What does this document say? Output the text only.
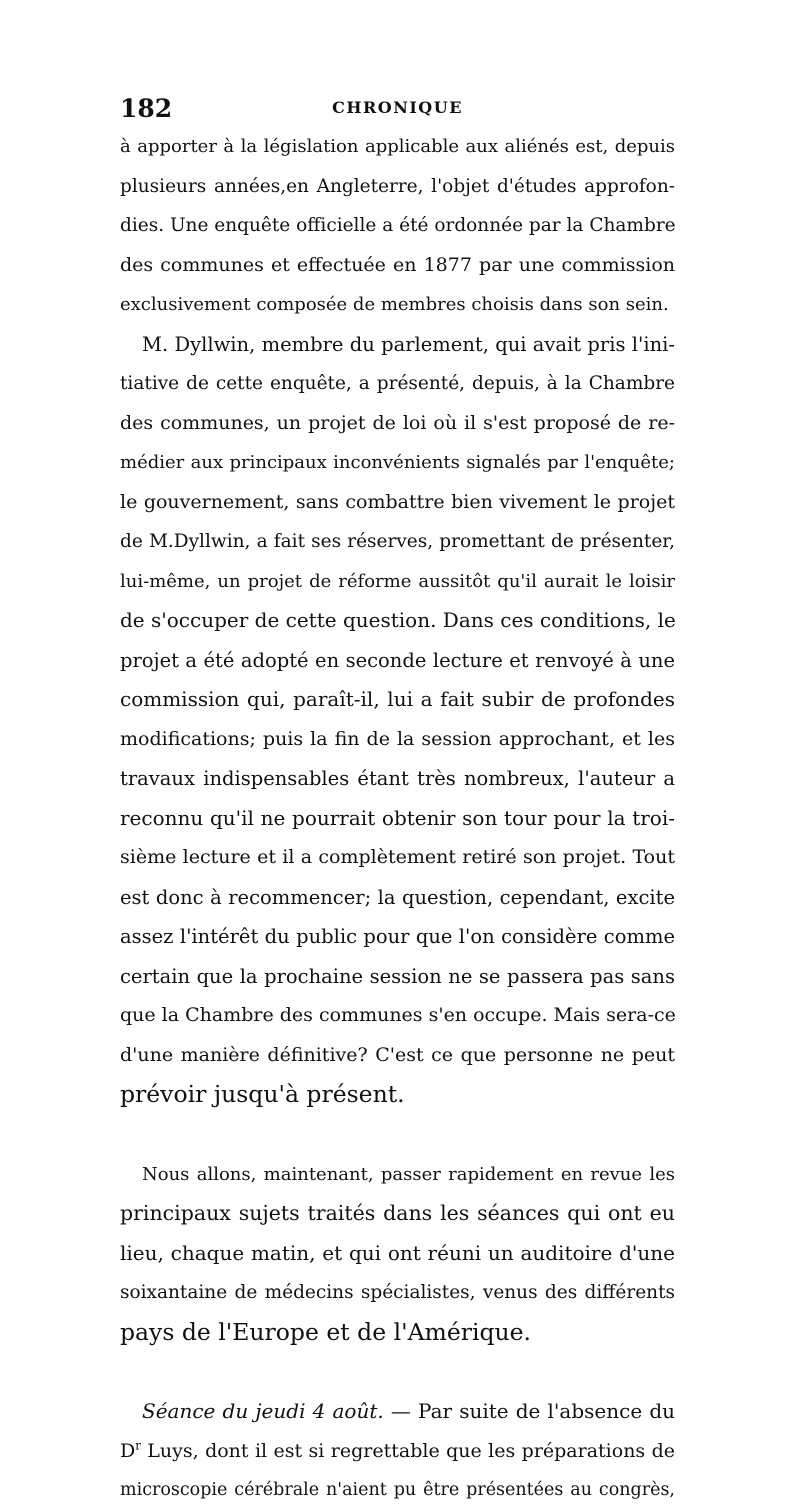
182	CHRONIQUE
à apporter à la législation applicable aux aliénés est, depuis
plusieurs années,en Angleterre, l'objet d'études approfon-
dies. Une enquête officielle a été ordonnée par la Chambre
des communes et effectuée en 1877 par une commission
exclusivement composée de membres choisis dans son sein.
M. Dyllwin, membre du parlement, qui avait pris l'ini-
tiative de cette enquête, a présenté, depuis, à la Chambre
des communes, un projet de loi où il s'est proposé de re-
médier aux principaux inconvénients signalés par l'enquête;
le gouvernement, sans combattre bien vivement le projet
de M.Dyllwin, a fait ses réserves, promettant de présenter,
lui-même, un projet de réforme aussitôt qu'il aurait le loisir
de s'occuper de cette question. Dans ces conditions, le
projet a été adopté en seconde lecture et renvoyé à une
commission qui, paraît-il, lui a fait subir de profondes
modifications; puis la fin de la session approchant, et les
travaux indispensables étant très nombreux, l'auteur a
reconnu qu'il ne pourrait obtenir son tour pour la troi-
sième lecture et il a complètement retiré son projet. Tout
est donc à recommencer; la question, cependant, excite
assez l'intérêt du public pour que l'on considère comme
certain que la prochaine session ne se passera pas sans
que la Chambre des communes s'en occupe. Mais sera-ce
d'une manière définitive? C'est ce que personne ne peut
prévoir jusqu'à présent.
Nous allons, maintenant, passer rapidement en revue les
principaux sujets traités dans les séances qui ont eu
lieu, chaque matin, et qui ont réuni un auditoire d'une
soixantaine de médecins spécialistes, venus des différents
pays de l'Europe et de l'Amérique.
Séance du jeudi 4 août. — Par suite de l'absence du
$D^r$ Luys, dont il est si regrettable que les préparations de
microscopie cérébrale n'aient pu être présentées au congrès,
